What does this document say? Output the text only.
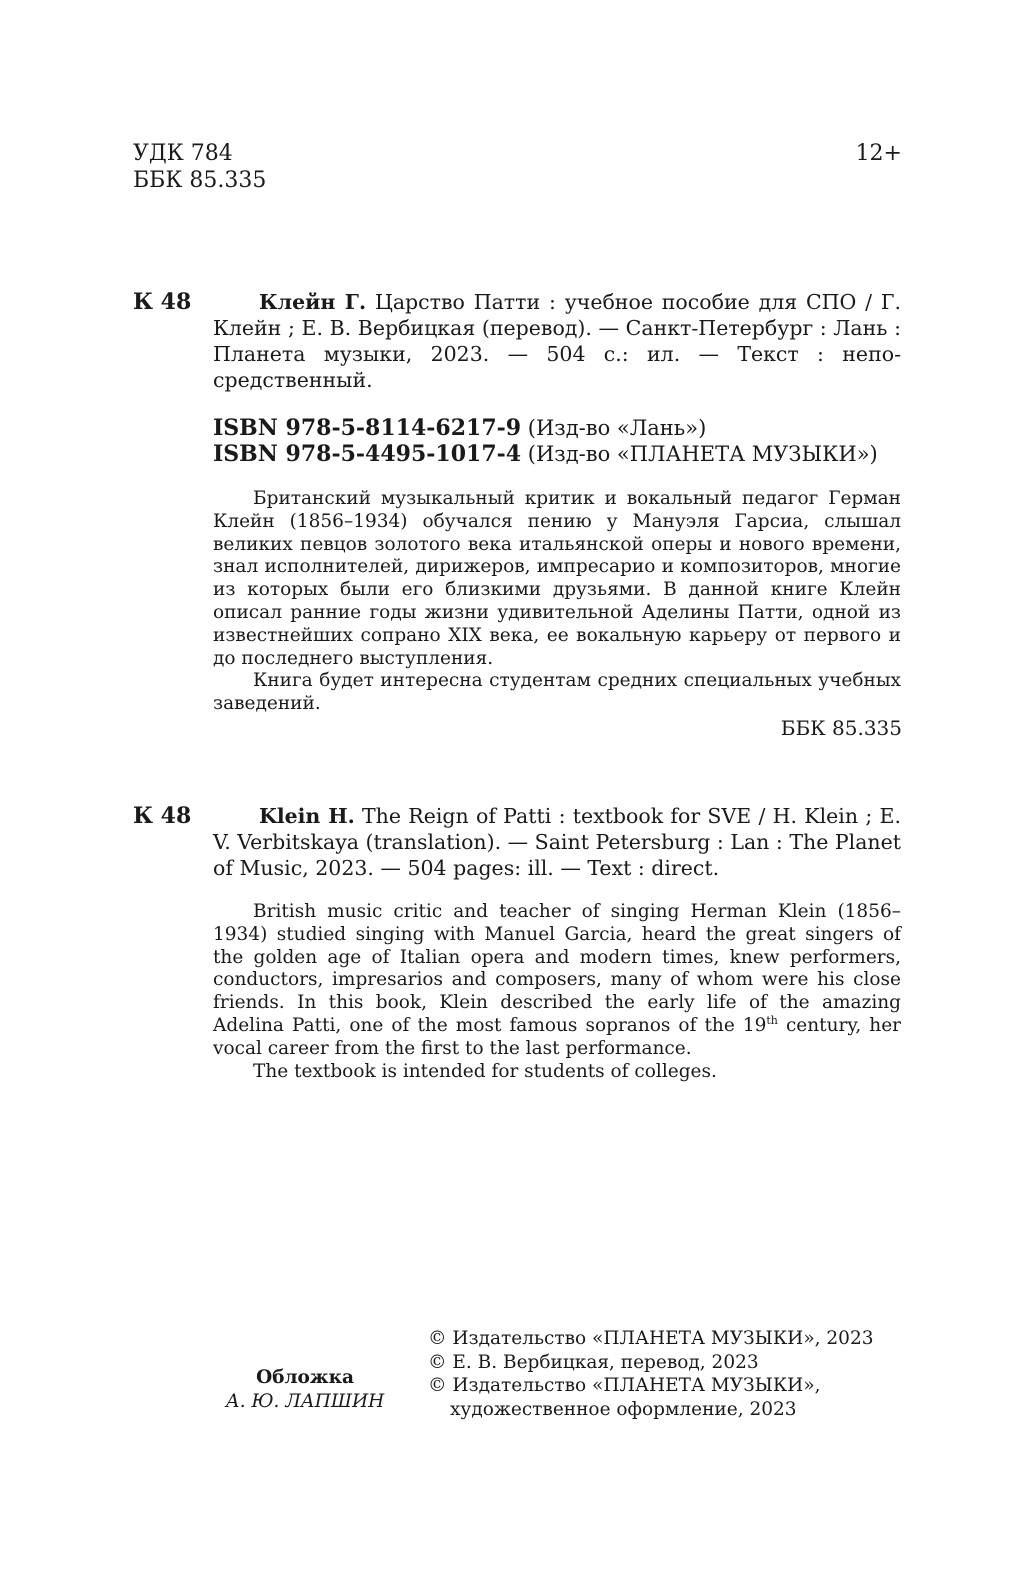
УДК 784
ББК 85.335
12+
К 48	Клейн Г. Царство Патти : учебное пособие для СПО / Г. Клейн ; Е. В. Вербицкая (перевод). — Санкт-Петербург : Лань : Планета музыки, 2023. — 504 с.: ил. — Текст : непо-средственный.
ISBN 978-5-8114-6217-9 (Изд-во «Лань»)
ISBN 978-5-4495-1017-4 (Изд-во «ПЛАНЕТА МУЗЫКИ»)

Британский музыкальный критик и вокальный педагог Герман Клейн (1856–1934) обучался пению у Мануэля Гарсиа, слышал великих певцов золотого века итальянской оперы и нового времени, знал исполнителей, дирижеров, импресарио и композиторов, многие из которых были его близкими друзьями. В данной книге Клейн описал ранние годы жизни удивительной Аделины Патти, одной из известнейших сопрано XIX века, ее вокальную карьеру от первого и до последнего выступления.

Книга будет интересна студентам средних специальных учебных заведений.

ББК 85.335
К 48	Klein H. The Reign of Patti : textbook for SVE / H. Klein ; E. V. Verbitskaya (translation). — Saint Petersburg : Lan : The Planet of Music, 2023. — 504 pages: ill. — Text : direct.

British music critic and teacher of singing Herman Klein (1856–1934) studied singing with Manuel Garcia, heard the great singers of the golden age of Italian opera and modern times, knew performers, conductors, impresarios and composers, many of whom were his close friends. In this book, Klein described the early life of the amazing Adelina Patti, one of the most famous sopranos of the 19th century, her vocal career from the first to the last performance.

The textbook is intended for students of colleges.

Обложка
А. Ю. ЛАПШИН
© Издательство «ПЛАНЕТА МУЗЫКИ», 2023
© Е. В. Вербицкая, перевод, 2023
© Издательство «ПЛАНЕТА МУЗЫКИ», художественное оформление, 2023
